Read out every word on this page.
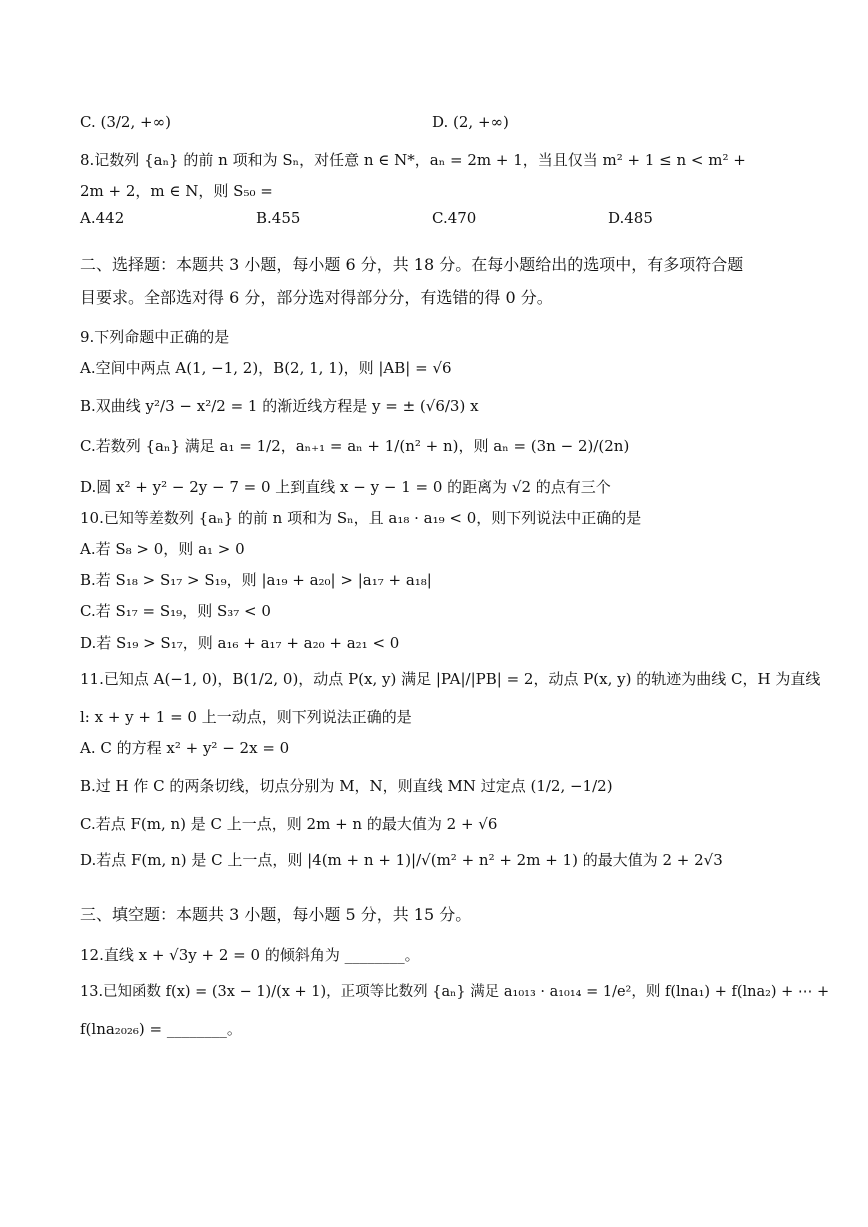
C. (3/2, +∞)	D. (2, +∞)
8.记数列 {aₙ} 的前 n 项和为 Sₙ，对任意 n ∈ N*，aₙ = 2m + 1，当且仅当 m² + 1 ≤ n < m² +
2m + 2，m ∈ N，则 S₅₀ =
A.442	B.455	C.470	D.485
二、选择题：本题共 3 小题，每小题 6 分，共 18 分。在每小题给出的选项中，有多项符合题
目要求。全部选对得 6 分，部分选对得部分分，有选错的得 0 分。
9.下列命题中正确的是
A.空间中两点 A(1, −1, 2)，B(2, 1, 1)，则 |AB| = √6
B.双曲线 y²/3 − x²/2 = 1 的渐近线方程是 y = ± (√6/3) x
C.若数列 {aₙ} 满足 a₁ = 1/2，aₙ₊₁ = aₙ + 1/(n² + n)，则 aₙ = (3n − 2)/(2n)
D.圆 x² + y² − 2y − 7 = 0 上到直线 x − y − 1 = 0 的距离为 √2 的点有三个
10.已知等差数列 {aₙ} 的前 n 项和为 Sₙ，且 a₁₈ · a₁₉ < 0，则下列说法中正确的是
A.若 S₈ > 0，则 a₁ > 0
B.若 S₁₈ > S₁₇ > S₁₉，则 |a₁₉ + a₂₀| > |a₁₇ + a₁₈|
C.若 S₁₇ = S₁₉，则 S₃₇ < 0
D.若 S₁₉ > S₁₇，则 a₁₆ + a₁₇ + a₂₀ + a₂₁ < 0
11.已知点 A(−1, 0)，B(1/2, 0)，动点 P(x, y) 满足 |PA|/|PB| = 2，动点 P(x, y) 的轨迹为曲线 C，H 为直线
l: x + y + 1 = 0 上一动点，则下列说法正确的是
A. C 的方程 x² + y² − 2x = 0
B.过 H 作 C 的两条切线，切点分别为 M，N，则直线 MN 过定点 (1/2, −1/2)
C.若点 F(m, n) 是 C 上一点，则 2m + n 的最大值为 2 + √6
D.若点 F(m, n) 是 C 上一点，则 |4(m + n + 1)|/√(m² + n² + 2m + 1) 的最大值为 2 + 2√3
三、填空题：本题共 3 小题，每小题 5 分，共 15 分。
12.直线 x + √3y + 2 = 0 的倾斜角为 ________。
13.已知函数 f(x) = (3x − 1)/(x + 1)，正项等比数列 {aₙ} 满足 a₁₀₁₃ · a₁₀₁₄ = 1/e²，则 f(lna₁) + f(lna₂) + ⋯ +
f(lna₂₀₂₆) = ________。
